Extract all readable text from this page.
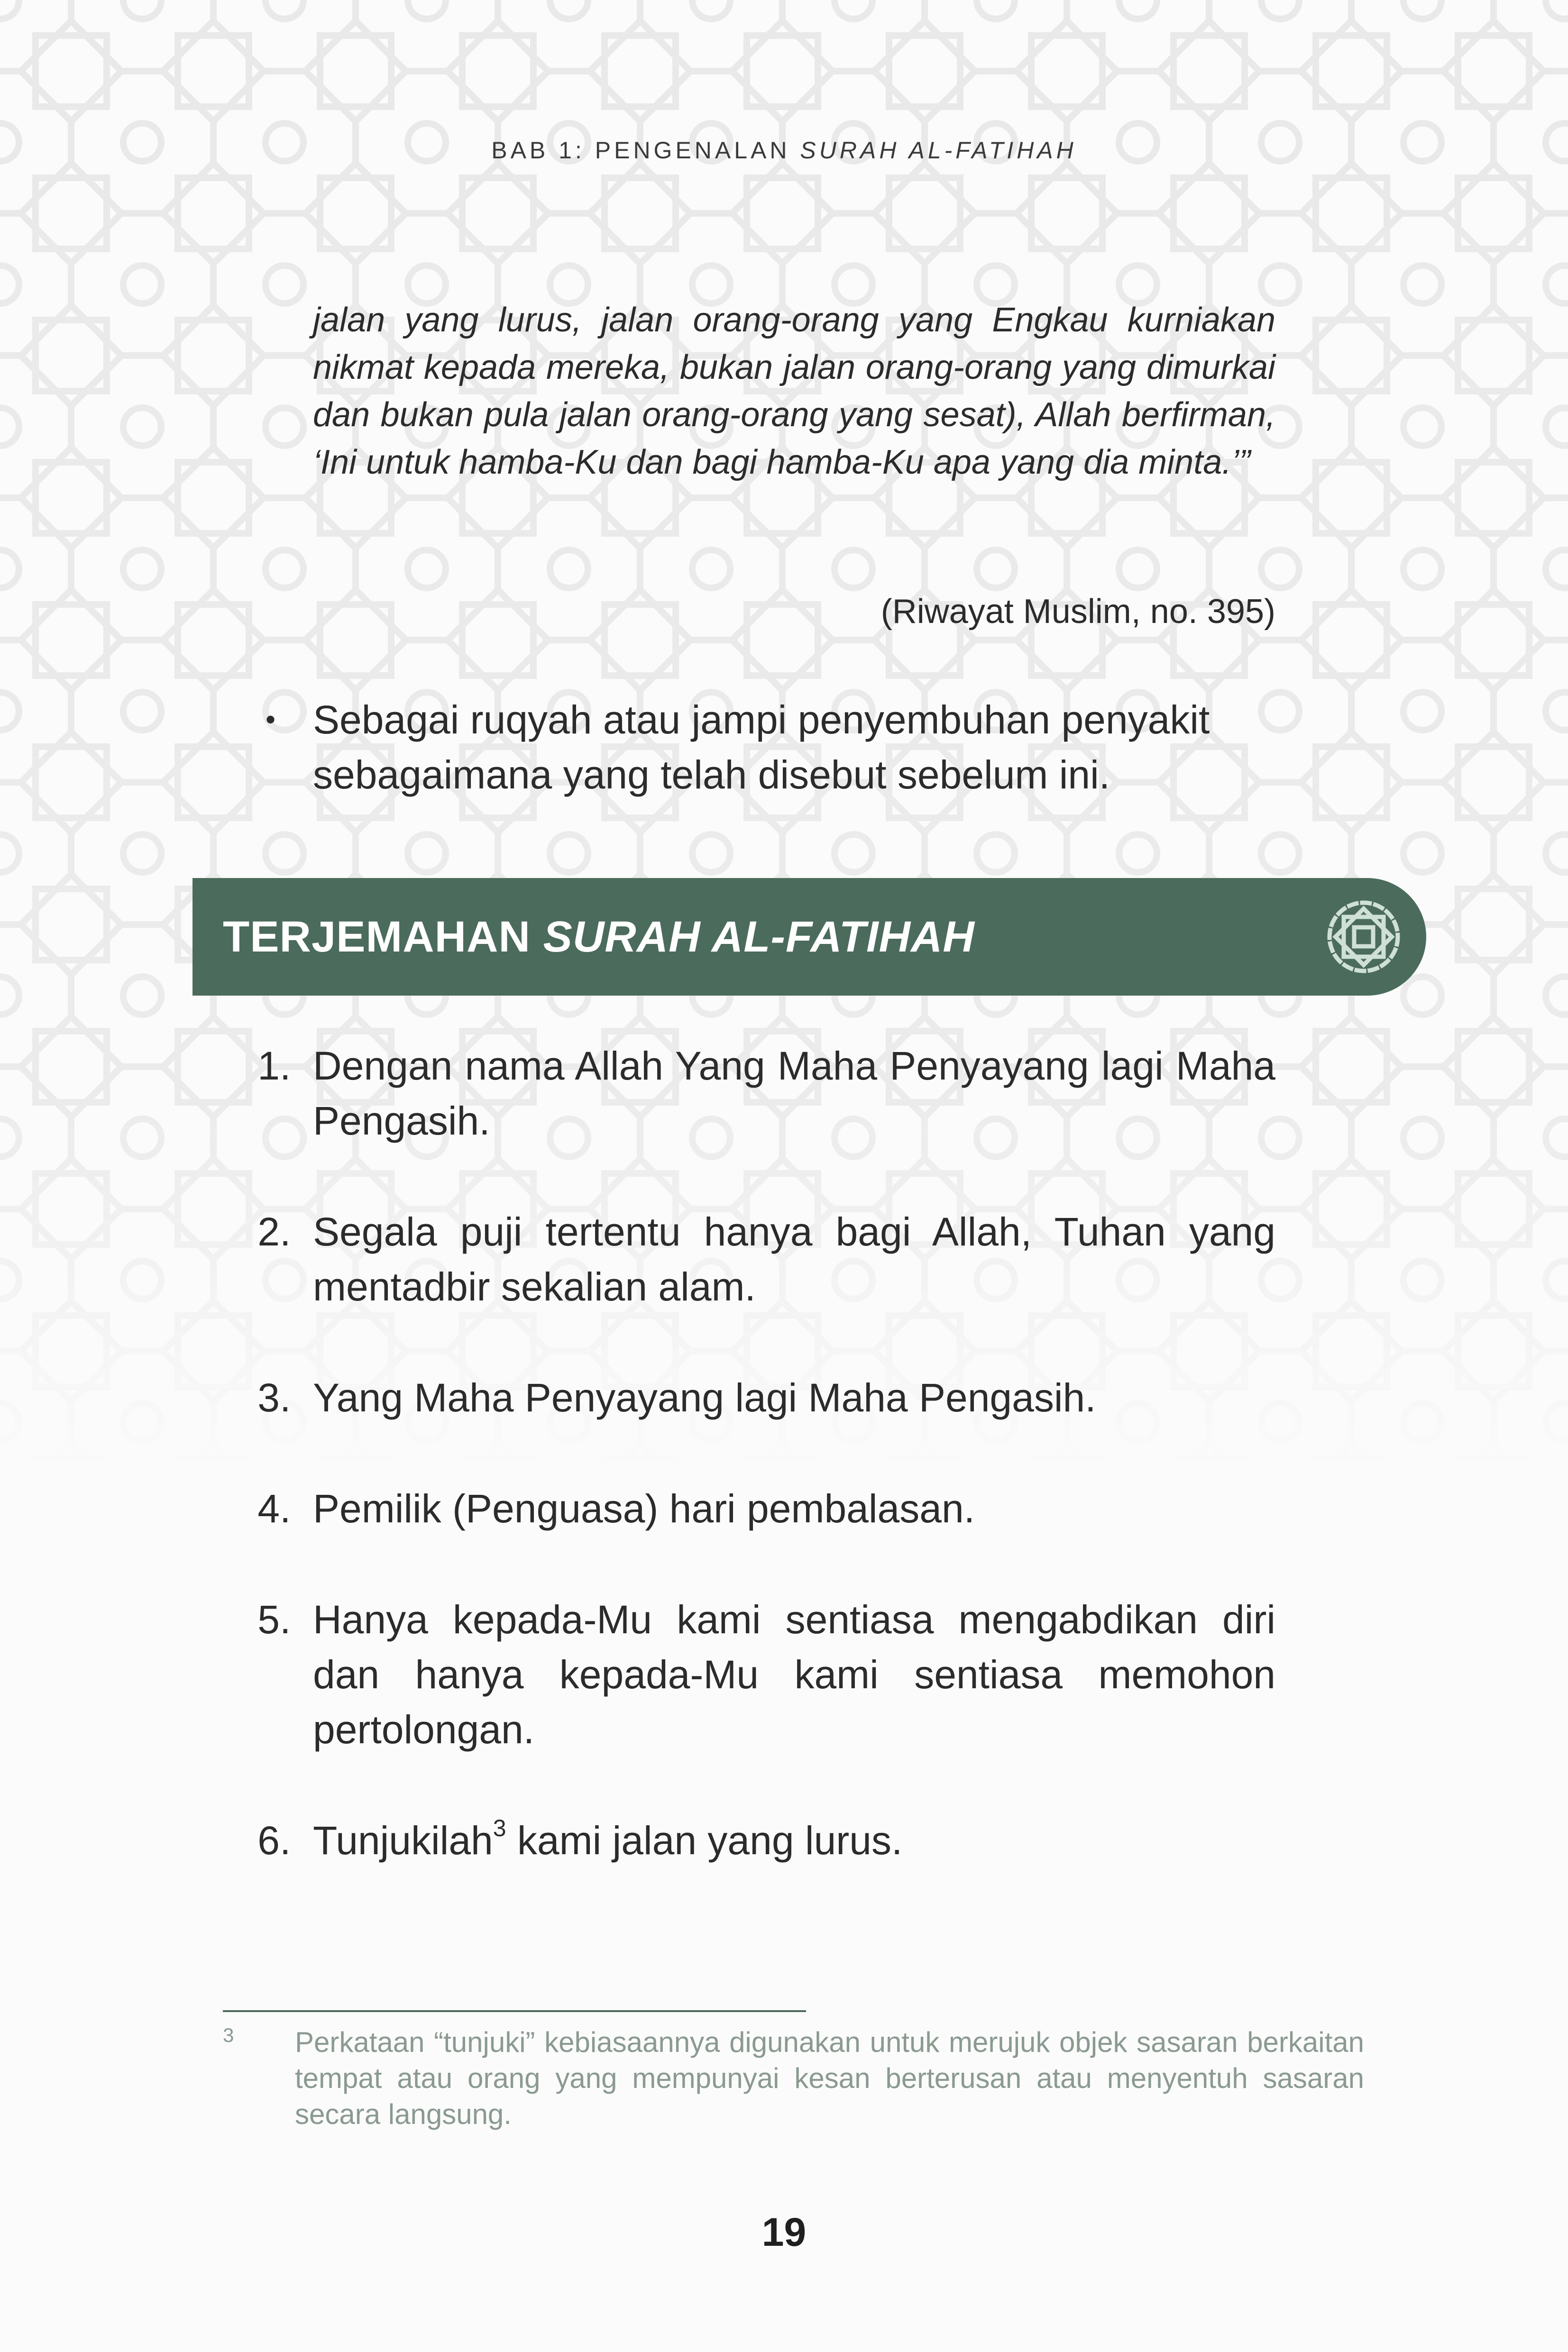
BAB 1: PENGENALAN SURAH AL-FATIHAH

jalan yang lurus, jalan orang-orang yang Engkau kurniakan nikmat kepada mereka, bukan jalan orang-orang yang dimurkai dan bukan pula jalan orang-orang yang sesat), Allah berfirman, ‘Ini untuk hamba-Ku dan bagi hamba-Ku apa yang dia minta.’”

(Riwayat Muslim, no. 395)
• Sebagai ruqyah atau jampi penyembuhan penyakit sebagaimana yang telah disebut sebelum ini.
TERJEMAHAN SURAH AL-FATIHAH
1. Dengan nama Allah Yang Maha Penyayang lagi Maha Pengasih.
2. Segala puji tertentu hanya bagi Allah, Tuhan yang mentadbir sekalian alam.
3. Yang Maha Penyayang lagi Maha Pengasih.
4. Pemilik (Penguasa) hari pembalasan.
5. Hanya kepada-Mu kami sentiasa mengabdikan diri dan hanya kepada-Mu kami sentiasa memohon pertolongan.
6. Tunjukilah$^3$ kami jalan yang lurus.
3 Perkataan “tunjuki” kebiasaannya digunakan untuk merujuk objek sasaran berkaitan tempat atau orang yang mempunyai kesan berterusan atau menyentuh sasaran secara langsung.

19
